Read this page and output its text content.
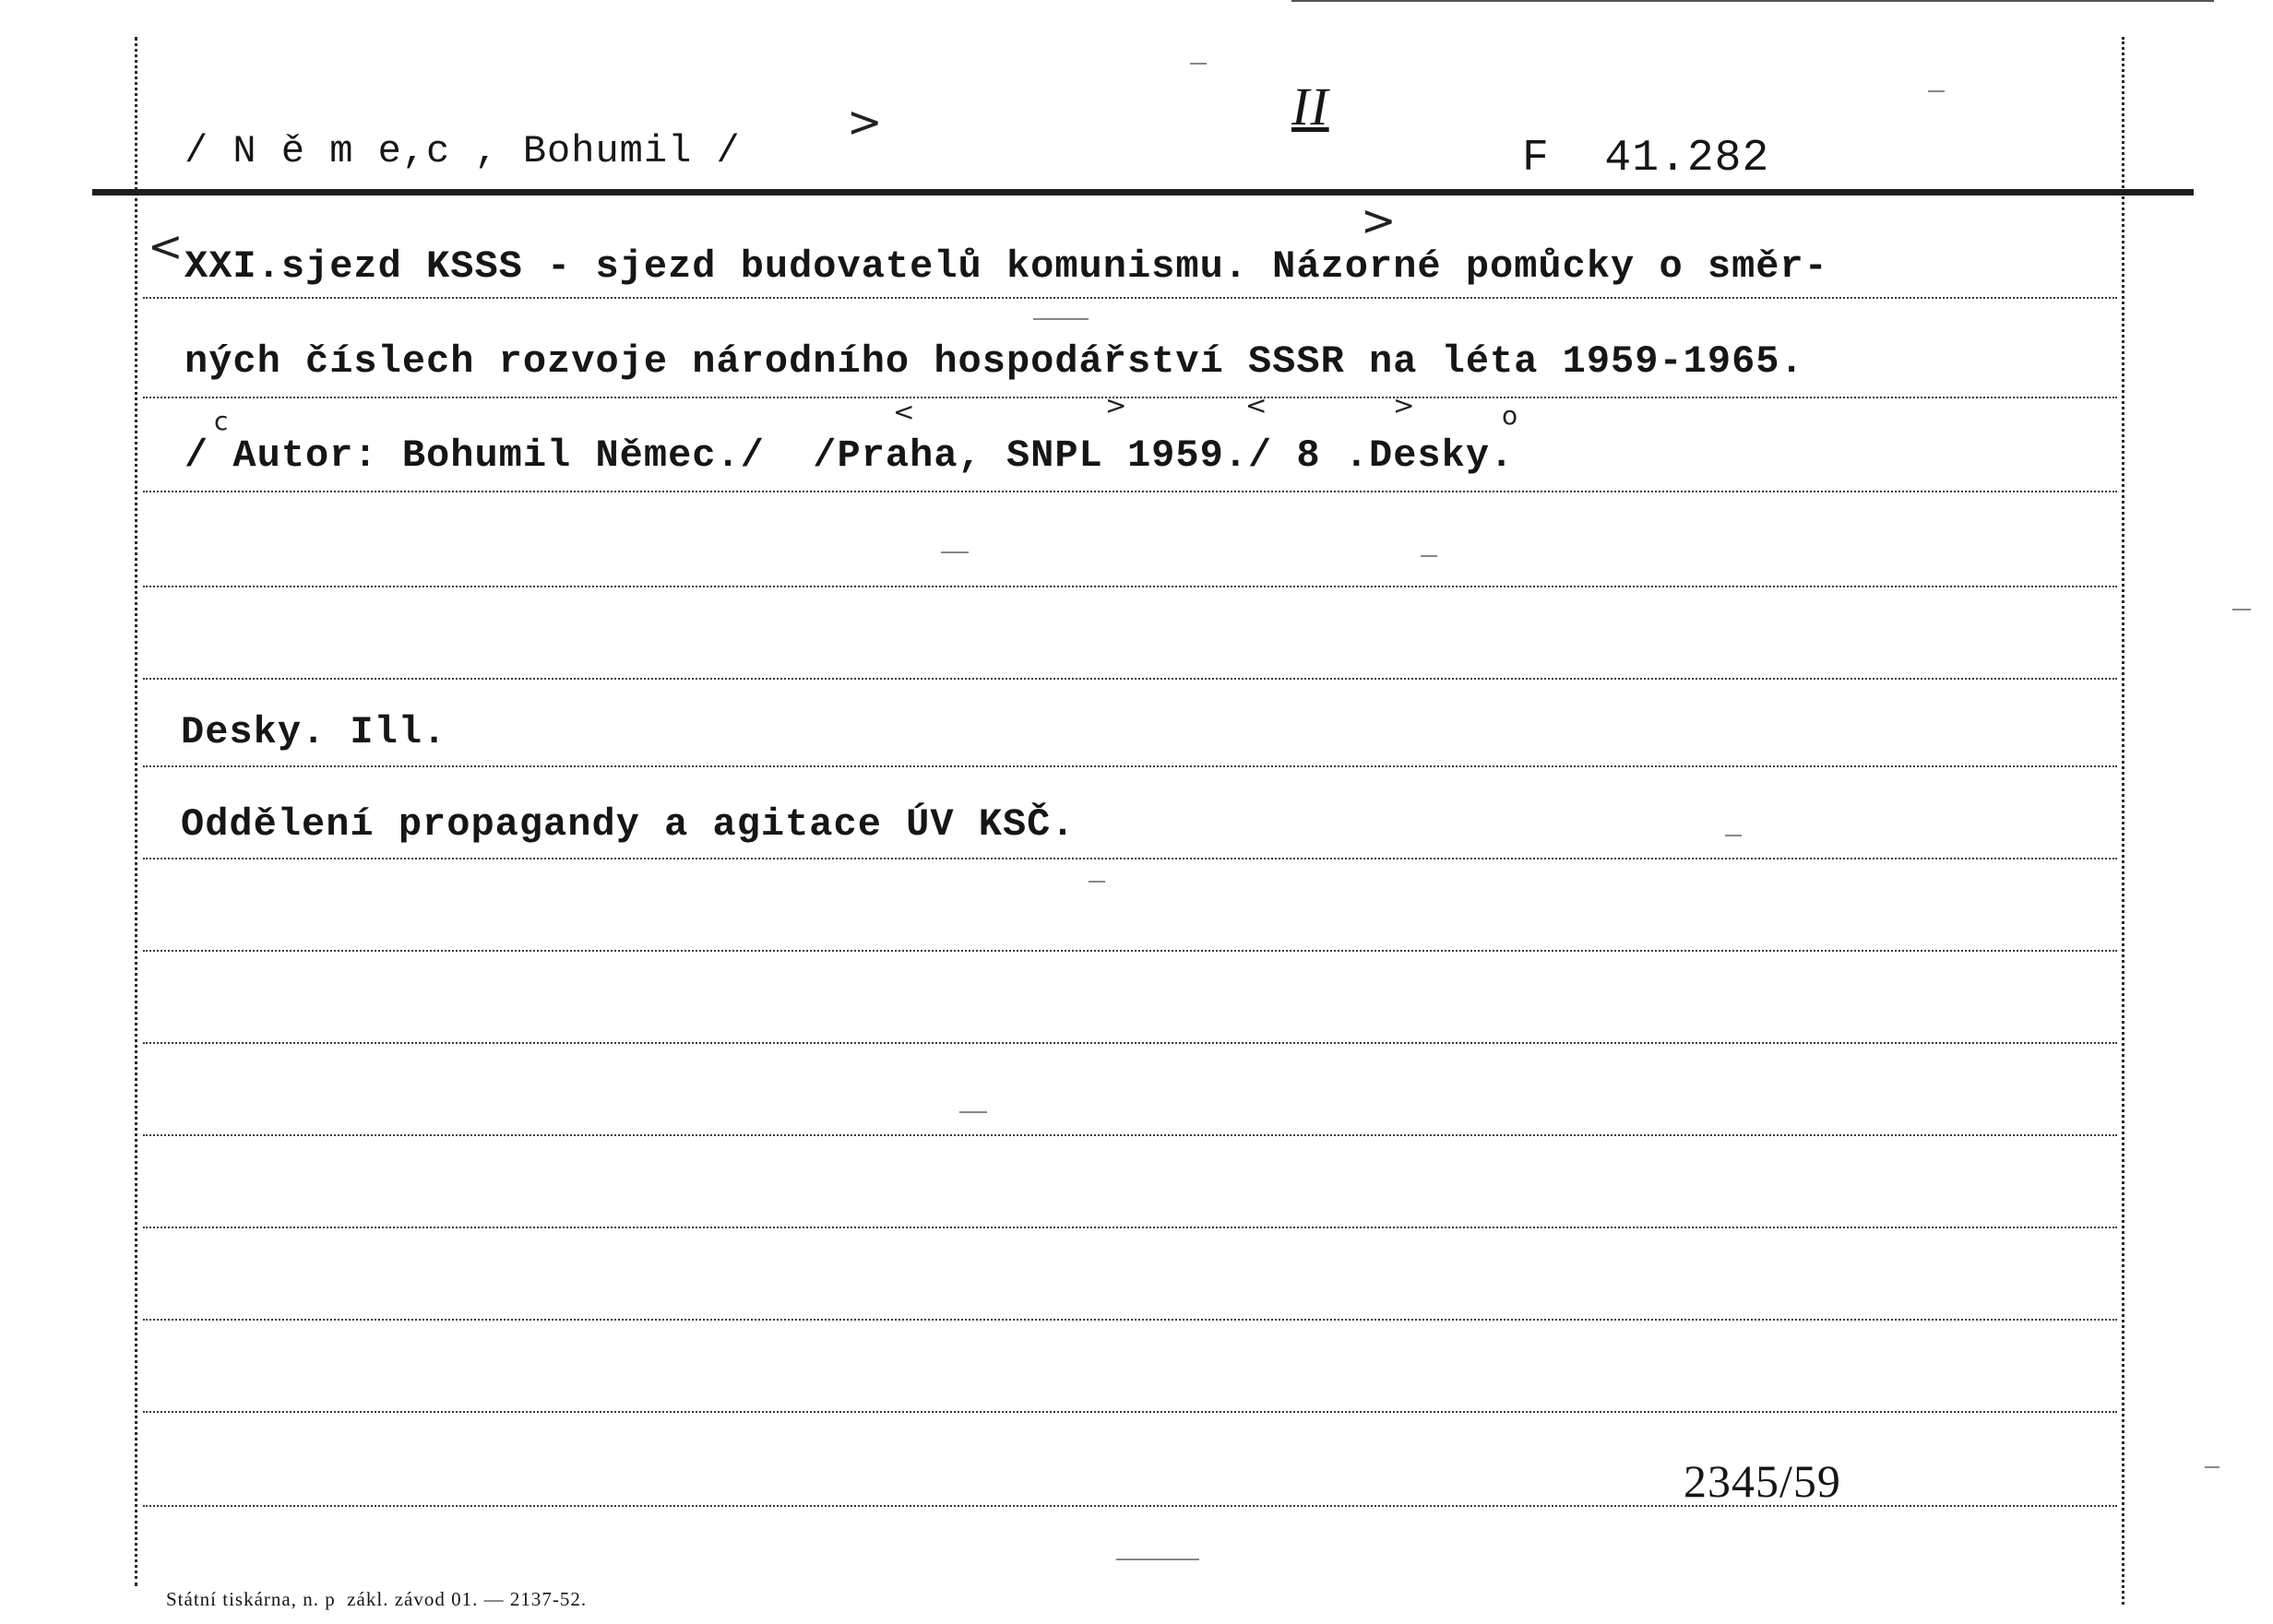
/ N ě m e,c , Bohumil /
>	II
F  41.282
< XXI.sjezd KSSS - sjezd budovatelů komunismu. Názorné pomůcky o směr-
>
ných číslech rozvoje národního hospodářství SSSR na léta 1959-1965.
c	<	>	<	>	o
/ Autor: Bohumil Němec./  /Praha, SNPL 1959./ 8 .Desky.
Desky. Ill.
Oddělení propagandy a agitace ÚV KSČ.
2345/59
Státní tiskárna, n. p  zákl. závod 01. — 2137-52.
